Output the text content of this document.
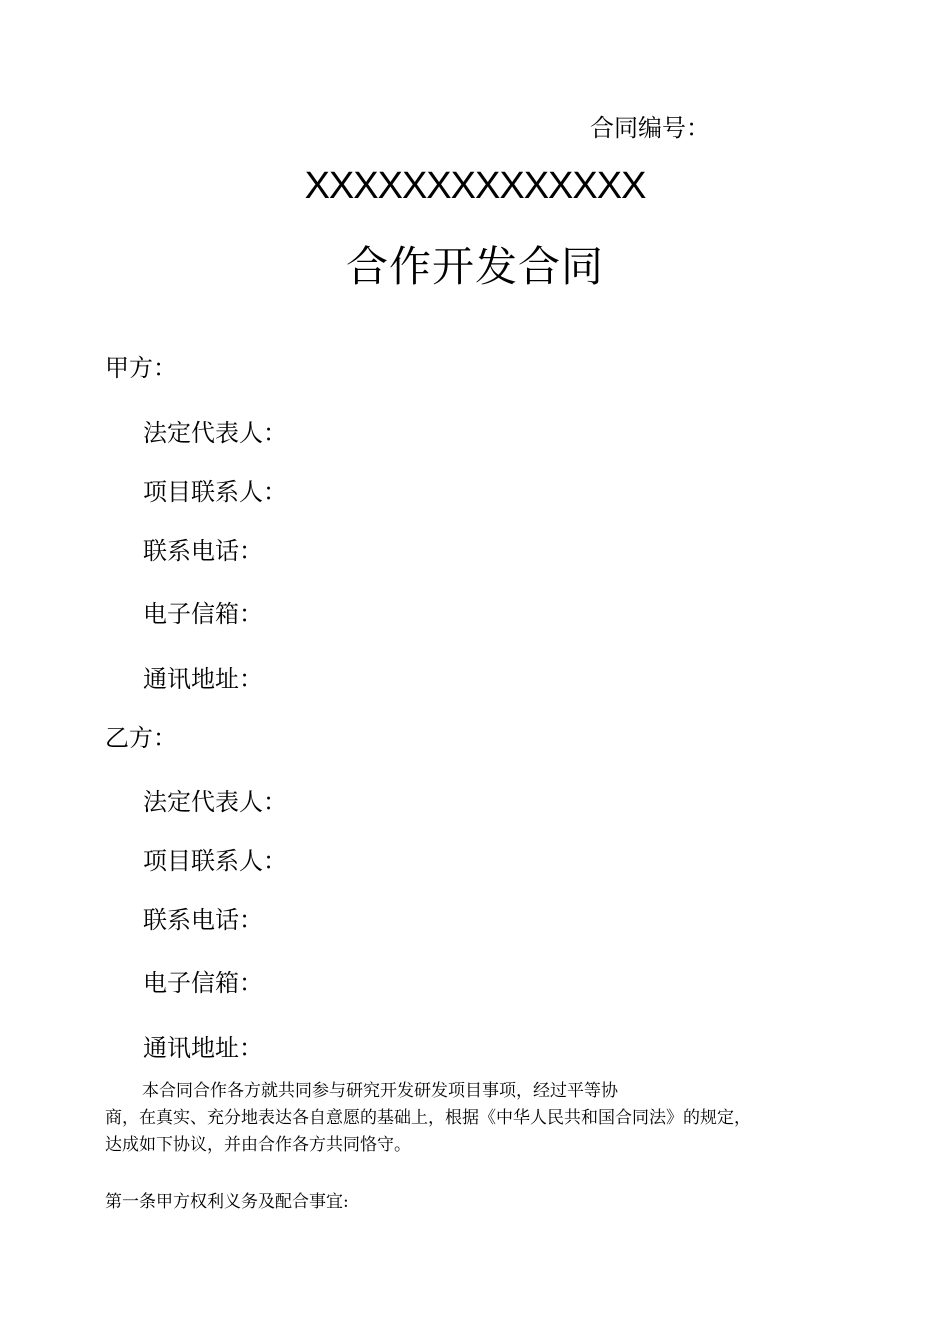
合同编号：
XXXXXXXXXXXXXX
合作开发合同
甲方：
法定代表人：
项目联系人：
联系电话：
电子信箱：
通讯地址：
乙方：
法定代表人：
项目联系人：
联系电话：
电子信箱：
通讯地址：
本合同合作各方就共同参与研究开发研发项目事项，经过平等协
商，在真实、充分地表达各自意愿的基础上，根据《中华人民共和国合同法》的规定，
达成如下协议，并由合作各方共同恪守。
第一条甲方权利义务及配合事宜:
